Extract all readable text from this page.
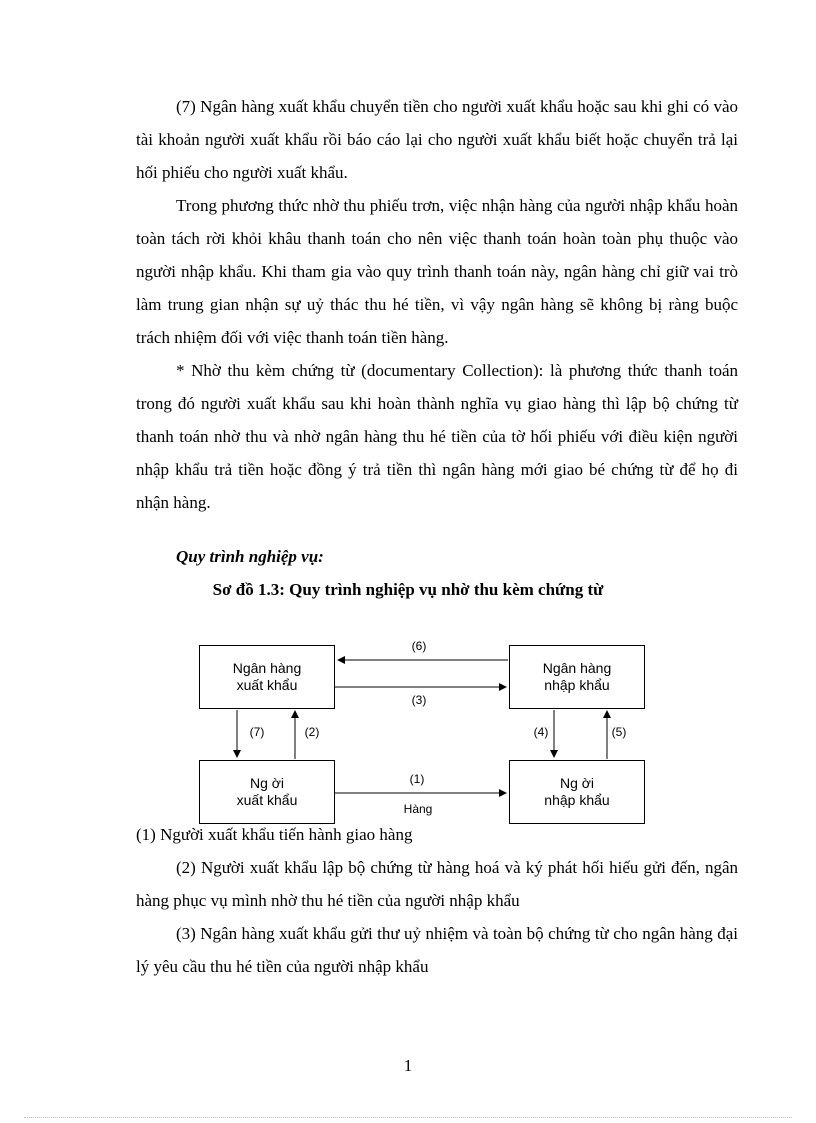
(7) Ngân hàng xuất khẩu chuyển tiền cho người xuất khẩu hoặc sau khi ghi có vào tài khoản người xuất khẩu rồi báo cáo lại cho người xuất khẩu biết hoặc chuyển trả lại hối phiếu cho người xuất khẩu.

Trong phương thức nhờ thu phiếu trơn, việc nhận hàng của người nhập khẩu hoàn toàn tách rời khỏi khâu thanh toán cho nên việc thanh toán hoàn toàn phụ thuộc vào người nhập khẩu. Khi tham gia vào quy trình thanh toán này, ngân hàng chỉ giữ vai trò làm trung gian nhận sự uỷ thác thu hé tiền, vì vậy ngân hàng sẽ không bị ràng buộc trách nhiệm đối với việc thanh toán tiền hàng.

* Nhờ thu kèm chứng từ (documentary Collection): là phương thức thanh toán trong đó người xuất khẩu sau khi hoàn thành nghĩa vụ giao hàng thì lập bộ chứng từ thanh toán nhờ thu và nhờ ngân hàng thu hé tiền của tờ hối phiếu với điều kiện người nhập khẩu trả tiền hoặc đồng ý trả tiền thì ngân hàng mới giao bé chứng từ để họ đi nhận hàng.

Quy trình nghiệp vụ:
Sơ đồ 1.3: Quy trình nghiệp vụ nhờ thu kèm chứng từ
Ngân hàng
xuất khẩu
Ngân hàng
nhập khẩu
Ng ời
xuất khẩu
Ng ời
nhập khẩu
(6)
(3)
(7)	(2)	(4)	(5)
(1)
Hàng

(1) Người xuất khẩu tiến hành giao hàng

(2) Người xuất khẩu lập bộ chứng từ hàng hoá và ký phát hối hiếu gửi đến, ngân hàng phục vụ mình nhờ thu hé tiền của người nhập khẩu

(3) Ngân hàng xuất khẩu gửi thư uỷ nhiệm và toàn bộ chứng từ cho ngân hàng đại lý yêu cầu thu hé tiền của người nhập khẩu

1
